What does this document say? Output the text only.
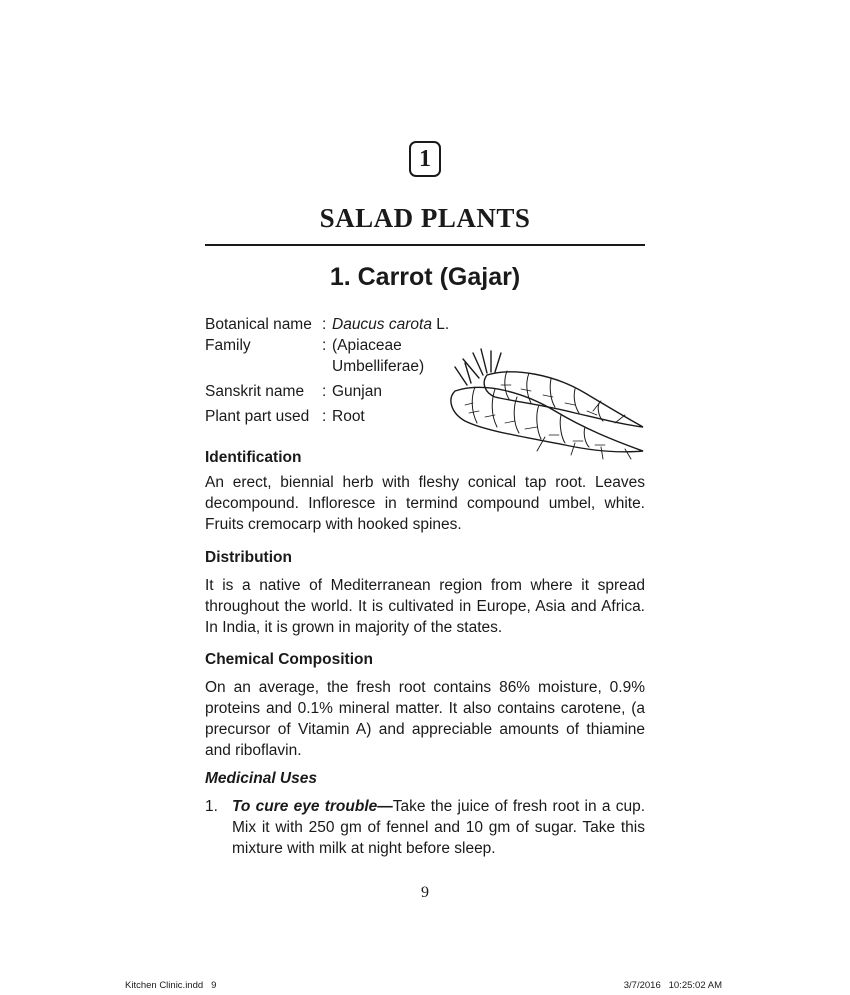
1
SALAD PLANTS
1. Carrot (Gajar)
Botanical name : Daucus carota L.
Family	: (Apiaceae
Umbelliferae)
Sanskrit name : Gunjan
Plant part used : Root
Identification

An erect, biennial herb with fleshy conical tap root. Leaves decompound. Infloresce in termind compound umbel, white. Fruits cremocarp with hooked spines.

Distribution

It is a native of Mediterranean region from where it spread throughout the world. It is cultivated in Europe, Asia and Africa. In India, it is grown in majority of the states.

Chemical Composition

On an average, the fresh root contains 86% moisture, 0.9% proteins and 0.1% mineral matter. It also contains carotene, (a precursor of Vitamin A) and appreciable amounts of thiamine and riboflavin.

Medicinal Uses
1. To cure eye trouble—Take the juice of fresh root in a cup. Mix it with 250 gm of fennel and 10 gm of sugar. Take this mixture with milk at night before sleep.
9
Kitchen Clinic.indd   9	3/7/2016   10:25:02 AM
